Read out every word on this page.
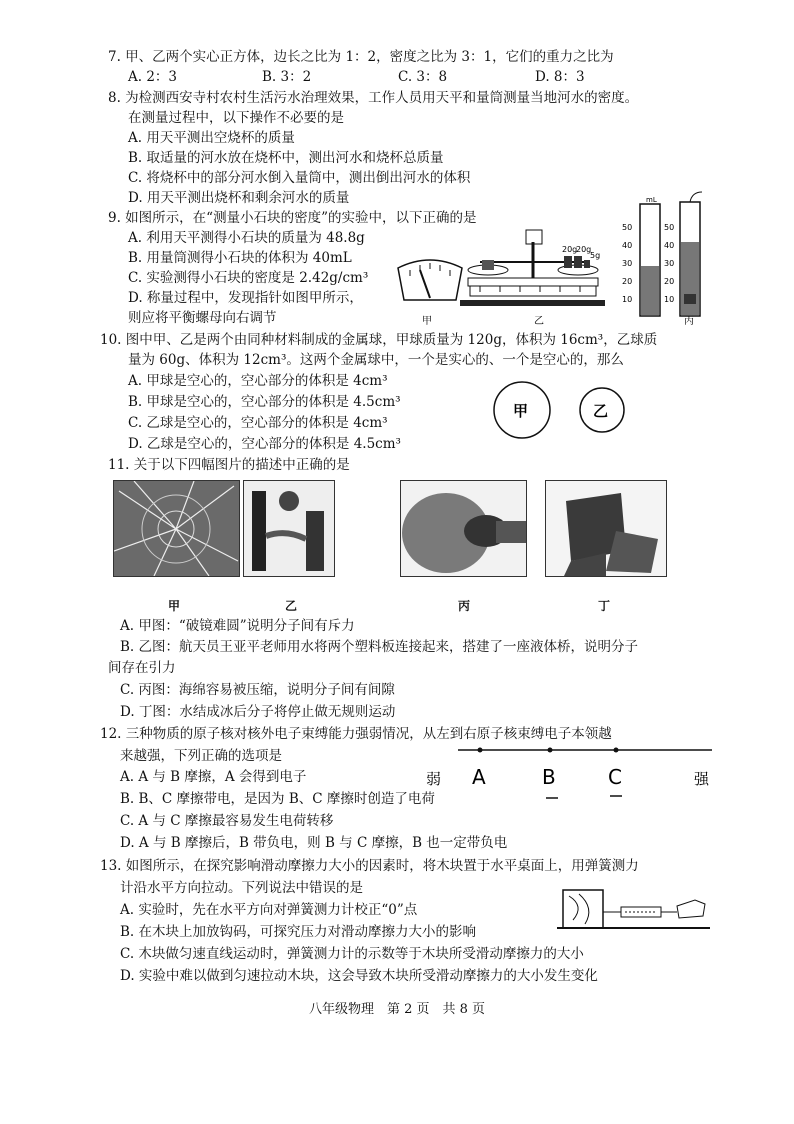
7. 甲、乙两个实心正方体，边长之比为 1：2，密度之比为 3：1，它们的重力之比为
A. 2：3	B. 3：2	C. 3：8	D. 8：3
8. 为检测西安寺村农村生活污水治理效果，工作人员用天平和量筒测量当地河水的密度。
在测量过程中，以下操作不必要的是
A. 用天平测出空烧杯的质量
B. 取适量的河水放在烧杯中，测出河水和烧杯总质量
C. 将烧杯中的部分河水倒入量筒中，测出倒出河水的体积
D. 用天平测出烧杯和剩余河水的质量
9. 如图所示，在“测量小石块的密度”的实验中，以下正确的是
A. 利用天平测得小石块的质量为 48.8g
B. 用量筒测得小石块的体积为 40mL
C. 实验测得小石块的密度是 2.42g/cm³
D. 称量过程中，发现指针如图甲所示，
则应将平衡螺母向右调节	甲
20g
20g
5g
乙
mL
50
40
30
20
10
50
40
30
20
10
丙
10. 图中甲、乙是两个由同种材料制成的金属球，甲球质量为 120g，体积为 16cm³，乙球质
量为 60g、体积为 12cm³。这两个金属球中，一个是实心的、一个是空心的，那么
A. 甲球是空心的，空心部分的体积是 4cm³
B. 甲球是空心的，空心部分的体积是 4.5cm³
C. 乙球是空心的，空心部分的体积是 4cm³
D. 乙球是空心的，空心部分的体积是 4.5cm³
甲	乙
11. 关于以下四幅图片的描述中正确的是
甲	乙	丙	丁
A. 甲图：“破镜难圆”说明分子间有斥力
B. 乙图：航天员王亚平老师用水将两个塑料板连接起来，搭建了一座液体桥，说明分子
间存在引力
C. 丙图：海绵容易被压缩，说明分子间有间隙
D. 丁图：水结成冰后分子将停止做无规则运动
12. 三种物质的原子核对核外电子束缚能力强弱情况，从左到右原子核束缚电子本领越
来越强，下列正确的选项是
A. A 与 B 摩擦，A 会得到电子
B. B、C 摩擦带电，是因为 B、C 摩擦时创造了电荷
C. A 与 C 摩擦最容易发生电荷转移
D. A 与 B 摩擦后，B 带负电，则 B 与 C 摩擦，B 也一定带负电
弱 A	B	C	强
13. 如图所示，在探究影响滑动摩擦力大小的因素时，将木块置于水平桌面上，用弹簧测力
计沿水平方向拉动。下列说法中错误的是
A. 实验时，先在水平方向对弹簧测力计校正“0”点
B. 在木块上加放钩码，可探究压力对滑动摩擦力大小的影响
C. 木块做匀速直线运动时，弹簧测力计的示数等于木块所受滑动摩擦力的大小
D. 实验中难以做到匀速拉动木块，这会导致木块所受滑动摩擦力的大小发生变化
八年级物理　第 2 页　共 8 页
